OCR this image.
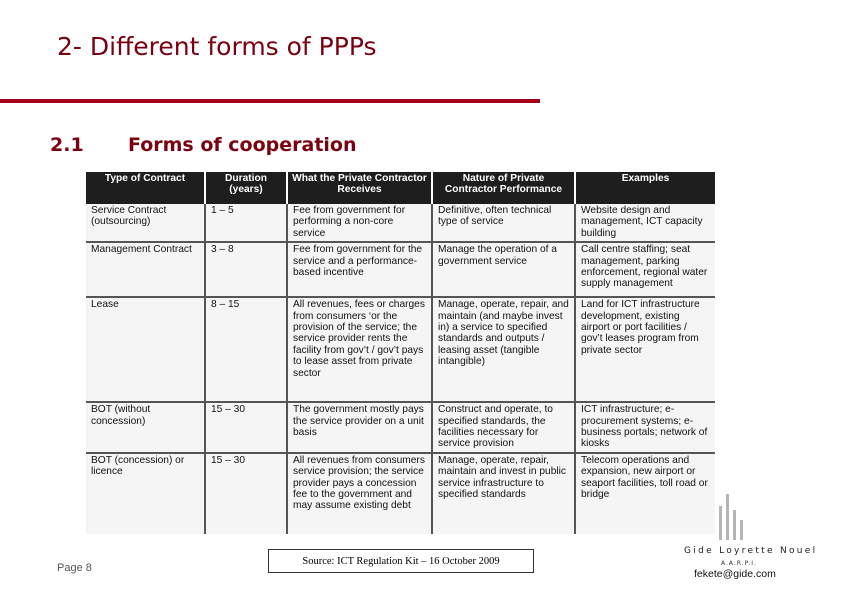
2- Different forms of PPPs
2.1 Forms of cooperation
Type of Contract	Duration (years)	What the Private Contractor Receives	Nature of Private Contractor Performance	Examples
Service Contract (outsourcing)	1 – 5	Fee from government for performing a non-core service	Definitive, often technical type of service	Website design and management, ICT capacity building
Management Contract	3 – 8	Fee from government for the service and a performance-based incentive	Manage the operation of a government service	Call centre staffing; seat management, parking enforcement, regional water supply management
Lease	8 – 15	All revenues, fees or charges from consumers ‘or the provision of the service; the service provider rents the facility from gov’t / gov’t pays to lease asset from private sector	Manage, operate, repair, and maintain (and maybe invest in) a service to specified standards and outputs / leasing asset (tangible intangible)	Land for ICT infrastructure development, existing airport or port facilities / gov’t leases program from private sector
BOT (without concession)	15 – 30	The government mostly pays the service provider on a unit basis	Construct and operate, to specified standards, the facilities necessary for service provision	ICT infrastructure; e-procurement systems; e-business portals; network of kiosks
BOT (concession) or licence	15 – 30	All revenues from consumers service provision; the service provider pays a concession fee to the government and may assume existing debt	Manage, operate, repair, maintain and invest in public service infrastructure to specified standards	Telecom operations and expansion, new airport or seaport facilities, toll road or bridge
Page 8
Source: ICT Regulation Kit – 16 October 2009
Gide Loyrette Nouel
A.A.R.P.I.
fekete@gide.com
